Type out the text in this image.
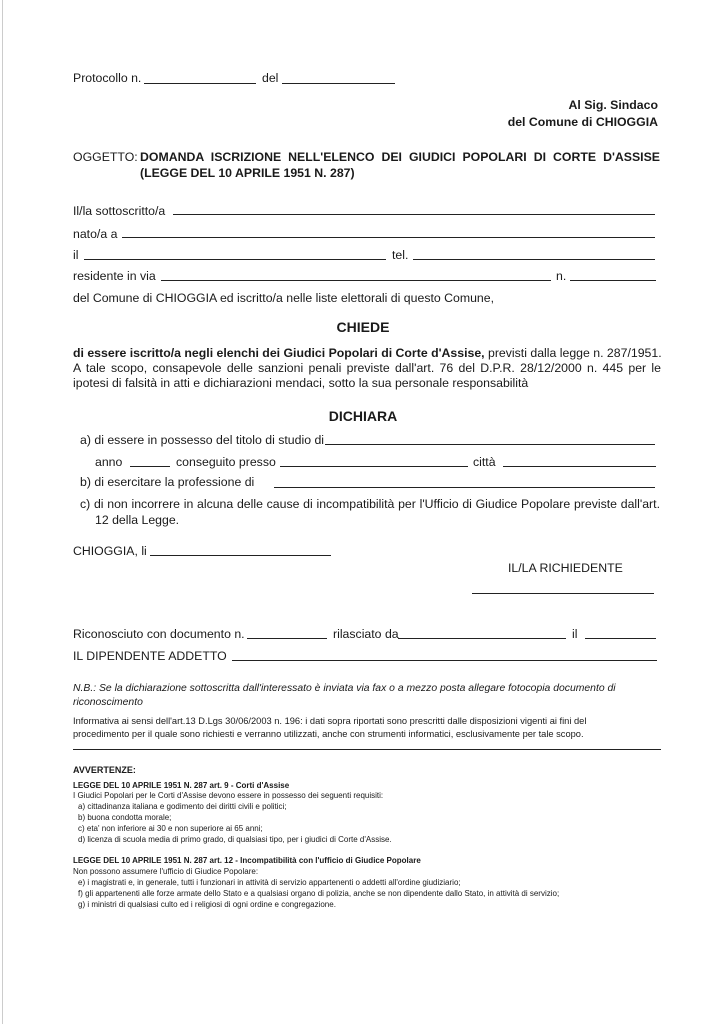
Protocollo n.	del
Al Sig. Sindaco
del Comune di CHIOGGIA
OGGETTO: DOMANDA ISCRIZIONE NELL'ELENCO DEI GIUDICI POPOLARI DI CORTE D'ASSISE
(LEGGE DEL 10 APRILE 1951 N. 287)
Il/la sottoscritto/a
nato/a a
il	tel.
residente in via	n.
del Comune di CHIOGGIA ed iscritto/a nelle liste elettorali di questo Comune,
CHIEDE
di essere iscritto/a negli elenchi dei Giudici Popolari di Corte d'Assise, previsti dalla legge n. 287/1951.
A tale scopo, consapevole delle sanzioni penali previste dall'art. 76 del D.P.R. 28/12/2000 n. 445 per le
ipotesi di falsità in atti e dichiarazioni mendaci, sotto la sua personale responsabilità
DICHIARA
a) di essere in possesso del titolo di studio di
anno	conseguito presso	città
b) di esercitare la professione di
c) di non incorrere in alcuna delle cause di incompatibilità per l'Ufficio di Giudice Popolare previste dall'art.
12 della Legge.
CHIOGGIA, li
IL/LA RICHIEDENTE
Riconosciuto con documento n.	rilasciato da	il
IL DIPENDENTE ADDETTO
N.B.: Se la dichiarazione sottoscritta dall'interessato è inviata via fax o a mezzo posta allegare fotocopia documento di
riconoscimento
Informativa ai sensi dell'art.13 D.Lgs 30/06/2003 n. 196: i dati sopra riportati sono prescritti dalle disposizioni vigenti ai fini del
procedimento per il quale sono richiesti e verranno utilizzati, anche con strumenti informatici, esclusivamente per tale scopo.
AVVERTENZE:
LEGGE DEL 10 APRILE 1951 N. 287 art. 9 - Corti d'Assise
I Giudici Popolari per le Corti d'Assise devono essere in possesso dei seguenti requisiti:
a) cittadinanza italiana e godimento dei diritti civili e politici;
b) buona condotta morale;
c) eta' non inferiore ai 30 e non superiore ai 65 anni;
d) licenza di scuola media di primo grado, di qualsiasi tipo, per i giudici di Corte d'Assise.
LEGGE DEL 10 APRILE 1951 N. 287 art. 12 - Incompatibilità con l'ufficio di Giudice Popolare
Non possono assumere l'ufficio di Giudice Popolare:
e) i magistrati e, in generale, tutti i funzionari in attività di servizio appartenenti o addetti all'ordine giudiziario;
f) gli appartenenti alle forze armate dello Stato e a qualsiasi organo di polizia, anche se non dipendente dallo Stato, in attività di servizio;
g) i ministri di qualsiasi culto ed i religiosi di ogni ordine e congregazione.
